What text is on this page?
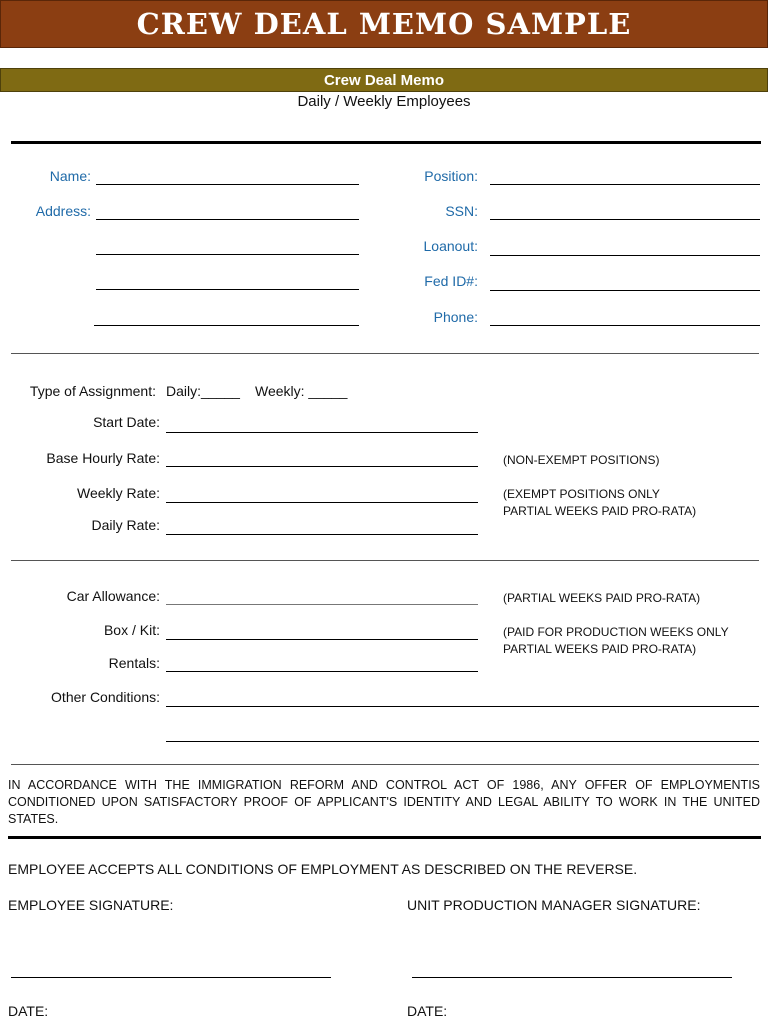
CREW DEAL MEMO SAMPLE
Crew Deal Memo
Daily / Weekly Employees
Name:
Address:
Position:
SSN:
Loanout:
Fed ID#:
Phone:
Type of Assignment: Daily:_____ Weekly: _____
Start Date:
Base Hourly Rate:	(NON-EXEMPT POSITIONS)
Weekly Rate:	(EXEMPT POSITIONS ONLY
PARTIAL WEEKS PAID PRO-RATA)
Daily Rate:
Car Allowance:	(PARTIAL WEEKS PAID PRO-RATA)
Box / Kit:	(PAID FOR PRODUCTION WEEKS ONLY
PARTIAL WEEKS PAID PRO-RATA)
Rentals:
Other Conditions:
IN ACCORDANCE WITH THE IMMIGRATION REFORM AND CONTROL ACT OF 1986, ANY OFFER OF EMPLOYMENTIS CONDITIONED UPON SATISFACTORY PROOF OF APPLICANT'S IDENTITY AND LEGAL ABILITY TO WORK IN THE UNITED STATES.
EMPLOYEE ACCEPTS ALL CONDITIONS OF EMPLOYMENT AS DESCRIBED ON THE REVERSE.
EMPLOYEE SIGNATURE:	UNIT PRODUCTION MANAGER SIGNATURE:
DATE:	DATE:
